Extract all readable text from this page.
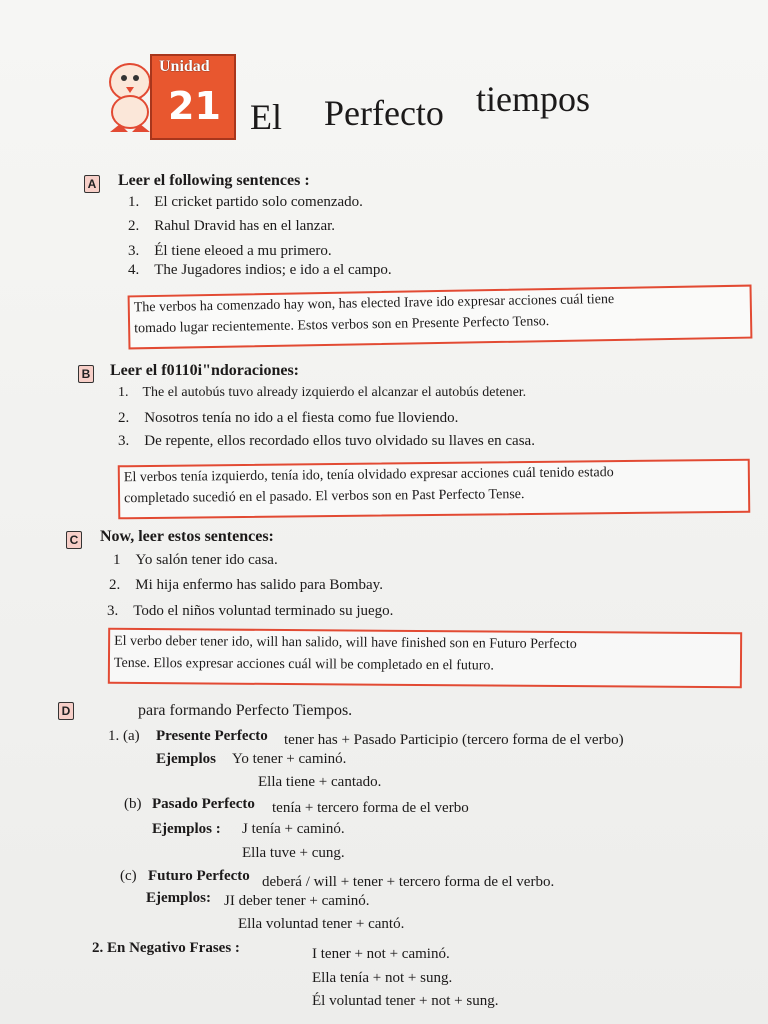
Unidad
21 El Perfecto tiempos
A Leer el following sentences :
1. El cricket partido solo comenzado.
2. Rahul Dravid has en el lanzar.
3. Él tiene eleoed a mu primero.
4. The Jugadores indios; e ido a el campo.
The verbos ha comenzado hay won, has elected Irave ido expresar acciones cuál tiene
tomado lugar recientemente. Estos verbos son en Presente Perfecto Tenso.
B Leer el f0110i"ndoraciones:
1. The el autobús tuvo already izquierdo el alcanzar el autobús detener.
2. Nosotros tenía no ido a el fiesta como fue lloviendo.
3. De repente, ellos recordado ellos tuvo olvidado su llaves en casa.
El verbos tenía izquierdo, tenía ido, tenía olvidado expresar acciones cuál tenido estado
completado sucedió en el pasado. El verbos son en Past Perfecto Tense.
C Now, leer estos sentences:
1 Yo salón tener ido casa.
2. Mi hija enfermo has salido para Bombay.
3. Todo el niños voluntad terminado su juego.
El verbo deber tener ido, will han salido, will have finished son en Futuro Perfecto
Tense. Ellos expresar acciones cuál will be completado en el futuro.
D	para formando Perfecto Tiempos.
1. (a) Presente Perfecto tener has + Pasado Participio (tercero forma de el verbo)
Ejemplos Yo tener + caminó.
Ella tiene + cantado.
(b) Pasado Perfecto tenía + tercero forma de el verbo
Ejemplos : J tenía + caminó.
Ella tuve + cung.
(c) Futuro Perfecto deberá / will + tener + tercero forma de el verbo.
Ejemplos: JI deber tener + caminó.
Ella voluntad tener + cantó.
2. En Negativo Frases :	I tener + not + caminó.
Ella tenía + not + sung.
Él voluntad tener + not + sung.
